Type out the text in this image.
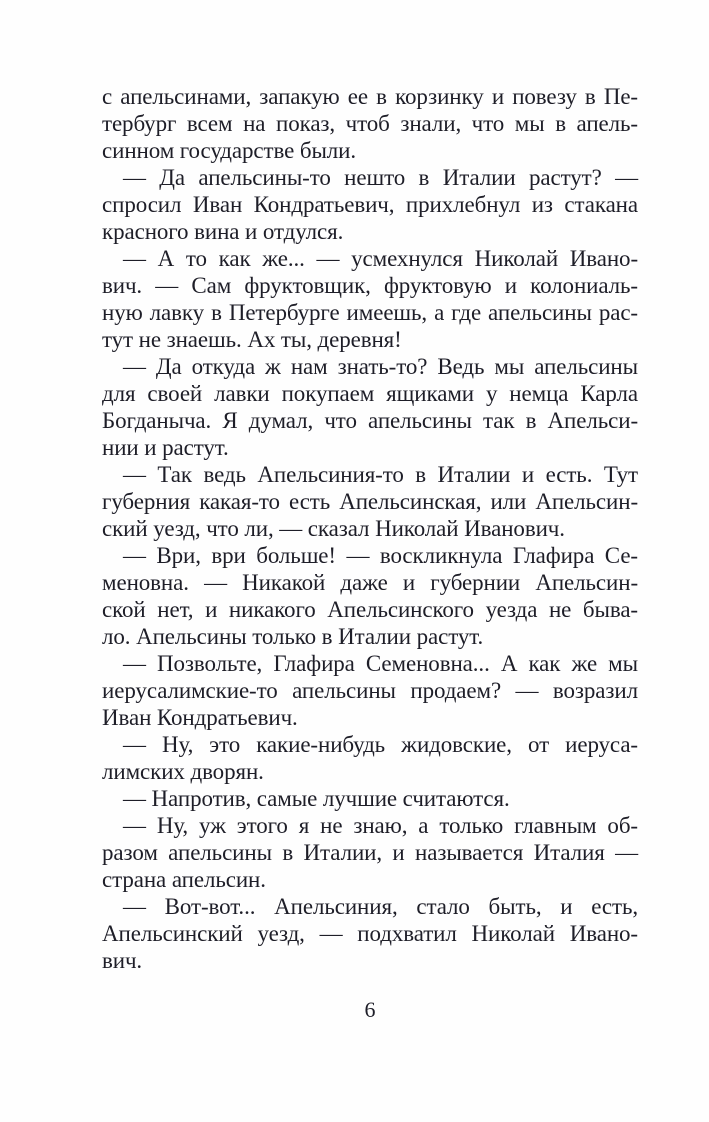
с апельсинами, запакую ее в корзинку и повезу в Пе-
тербург всем на показ, чтоб знали, что мы в апель-
синном государстве были.
— Да апельсины-то нешто в Италии растут? —
спросил Иван Кондратьевич, прихлебнул из стакана
красного вина и отдулся.
— А то как же... — усмехнулся Николай Ивано-
вич. — Сам фруктовщик, фруктовую и колониаль-
ную лавку в Петербурге имеешь, а где апельсины рас-
тут не знаешь. Ах ты, деревня!
— Да откуда ж нам знать-то? Ведь мы апельсины
для своей лавки покупаем ящиками у немца Карла
Богданыча. Я думал, что апельсины так в Апельси-
нии и растут.
— Так ведь Апельсиния-то в Италии и есть. Тут
губерния какая-то есть Апельсинская, или Апельсин-
ский уезд, что ли, — сказал Николай Иванович.
— Ври, ври больше! — воскликнула Глафира Се-
меновна. — Никакой даже и губернии Апельсин-
ской нет, и никакого Апельсинского уезда не быва-
ло. Апельсины только в Италии растут.
— Позвольте, Глафира Семеновна... А как же мы
иерусалимские-то апельсины продаем? — возразил
Иван Кондратьевич.
— Ну, это какие-нибудь жидовские, от иеруса-
лимских дворян.
— Напротив, самые лучшие считаются.
— Ну, уж этого я не знаю, а только главным об-
разом апельсины в Италии, и называется Италия —
страна апельсин.
— Вот-вот... Апельсиния, стало быть, и есть,
Апельсинский уезд, — подхватил Николай Ивано-
вич.
6
